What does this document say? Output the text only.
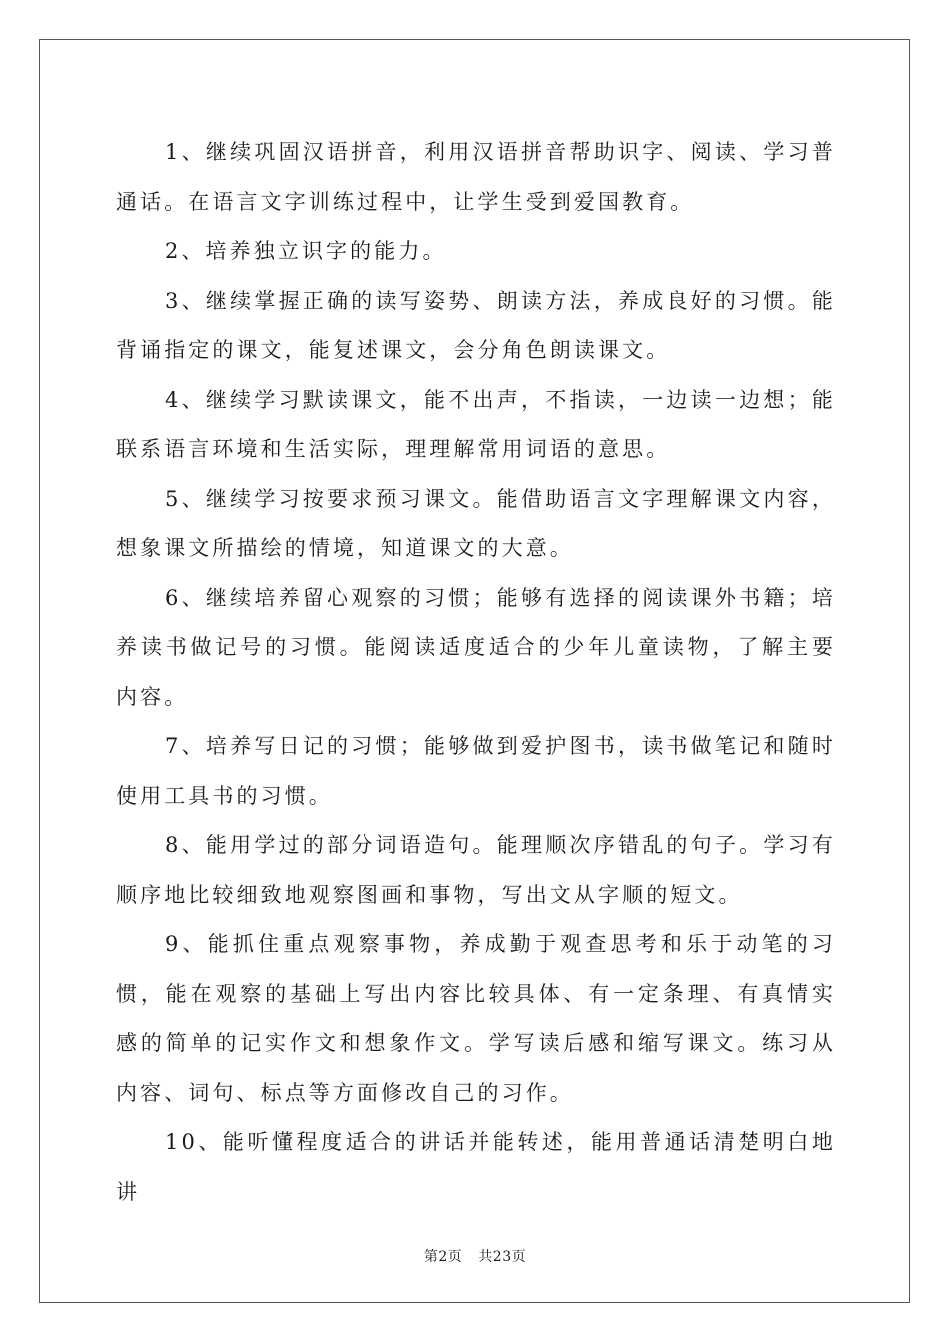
1、继续巩固汉语拼音，利用汉语拼音帮助识字、阅读、学习普通话。在语言文字训练过程中，让学生受到爱国教育。

2、培养独立识字的能力。

3、继续掌握正确的读写姿势、朗读方法，养成良好的习惯。能背诵指定的课文，能复述课文，会分角色朗读课文。

4、继续学习默读课文，能不出声，不指读，一边读一边想；能联系语言环境和生活实际，理理解常用词语的意思。

5、继续学习按要求预习课文。能借助语言文字理解课文内容，想象课文所描绘的情境，知道课文的大意。

6、继续培养留心观察的习惯；能够有选择的阅读课外书籍；培养读书做记号的习惯。能阅读适度适合的少年儿童读物，了解主要内容。

7、培养写日记的习惯；能够做到爱护图书，读书做笔记和随时使用工具书的习惯。

8、能用学过的部分词语造句。能理顺次序错乱的句子。学习有顺序地比较细致地观察图画和事物，写出文从字顺的短文。

9、能抓住重点观察事物，养成勤于观查思考和乐于动笔的习惯，能在观察的基础上写出内容比较具体、有一定条理、有真情实感的简单的记实作文和想象作文。学写读后感和缩写课文。练习从内容、词句、标点等方面修改自己的习作。

10、能听懂程度适合的讲话并能转述，能用普通话清楚明白地讲

第2页 共23页
